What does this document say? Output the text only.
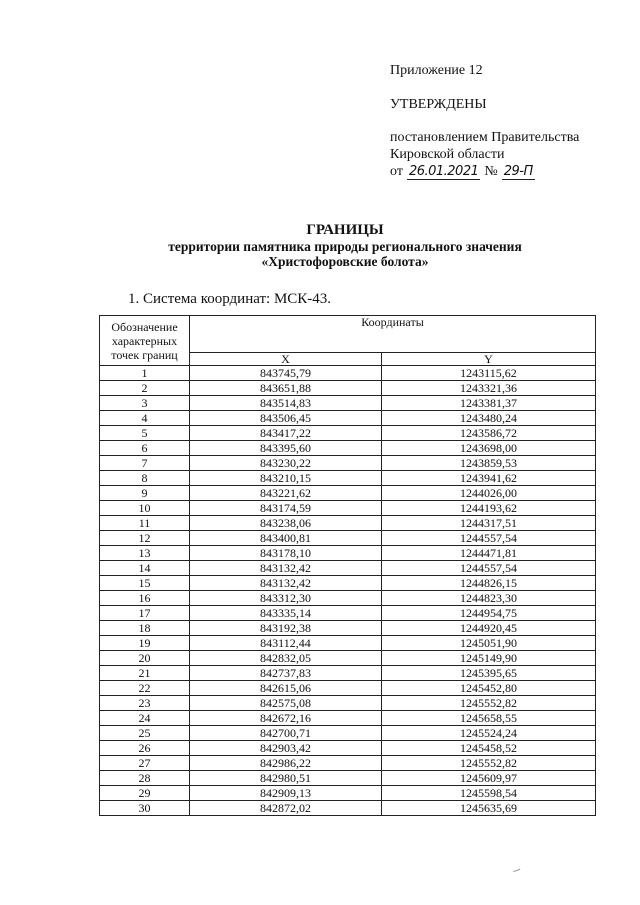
Приложение 12
УТВЕРЖДЕНЫ
постановлением Правительства
Кировской области
от 26.01.2021 № 29-П
ГРАНИЦЫ
территории памятника природы регионального значения
«Христофоровские болота»
1. Система координат: МСК-43.
Обозначение
характерных
точек границ	Координаты	
	X	Y
1	843745,79	1243115,62
2	843651,88	1243321,36
3	843514,83	1243381,37
4	843506,45	1243480,24
5	843417,22	1243586,72
6	843395,60	1243698,00
7	843230,22	1243859,53
8	843210,15	1243941,62
9	843221,62	1244026,00
10	843174,59	1244193,62
11	843238,06	1244317,51
12	843400,81	1244557,54
13	843178,10	1244471,81
14	843132,42	1244557,54
15	843132,42	1244826,15
16	843312,30	1244823,30
17	843335,14	1244954,75
18	843192,38	1244920,45
19	843112,44	1245051,90
20	842832,05	1245149,90
21	842737,83	1245395,65
22	842615,06	1245452,80
23	842575,08	1245552,82
24	842672,16	1245658,55
25	842700,71	1245524,24
26	842903,42	1245458,52
27	842986,22	1245552,82
28	842980,51	1245609,97
29	842909,13	1245598,54
30	842872,02	1245635,69
